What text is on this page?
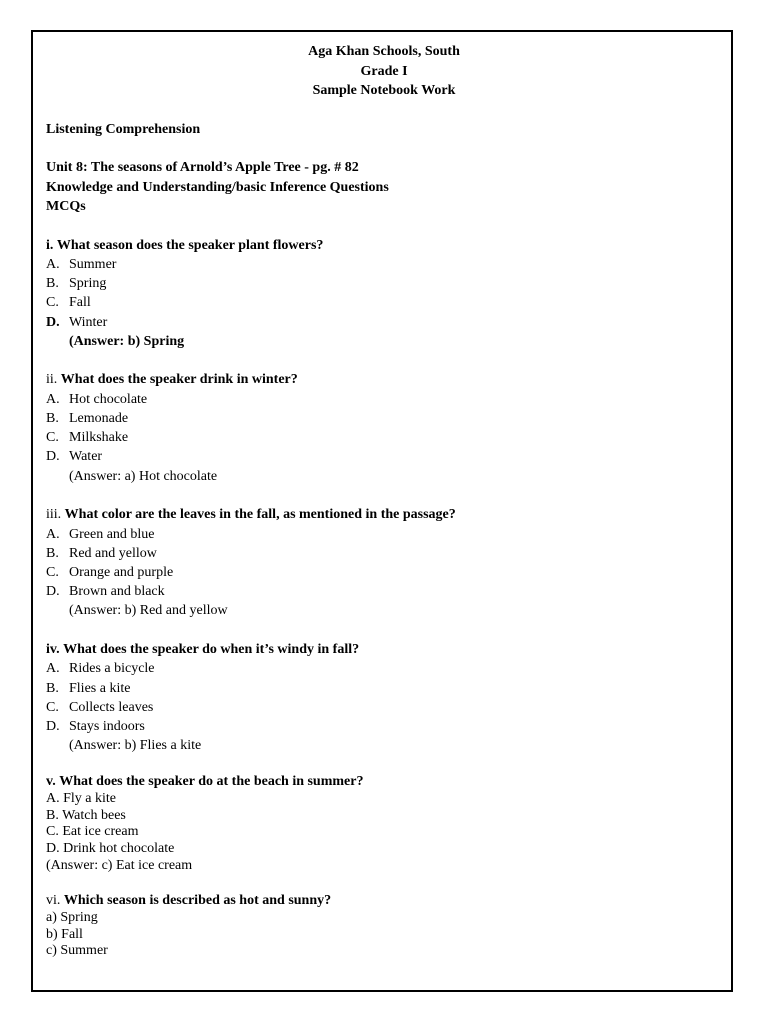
Aga Khan Schools, South
Grade I
Sample Notebook Work
Listening Comprehension
Unit 8: The seasons of Arnold’s Apple Tree - pg. # 82
Knowledge and Understanding/basic Inference Questions
MCQs
i. What season does the speaker plant flowers?
A. Summer
B. Spring
C. Fall
D. Winter
(Answer: b) Spring
ii. What does the speaker drink in winter?
A. Hot chocolate
B. Lemonade
C. Milkshake
D. Water
(Answer: a) Hot chocolate
iii. What color are the leaves in the fall, as mentioned in the passage?
A. Green and blue
B. Red and yellow
C. Orange and purple
D. Brown and black
(Answer: b) Red and yellow
iv. What does the speaker do when it’s windy in fall?
A. Rides a bicycle
B. Flies a kite
C. Collects leaves
D. Stays indoors
(Answer: b) Flies a kite
v. What does the speaker do at the beach in summer?
A. Fly a kite
B. Watch bees
C. Eat ice cream
D. Drink hot chocolate
(Answer: c) Eat ice cream
vi. Which season is described as hot and sunny?
a) Spring
b) Fall
c) Summer
